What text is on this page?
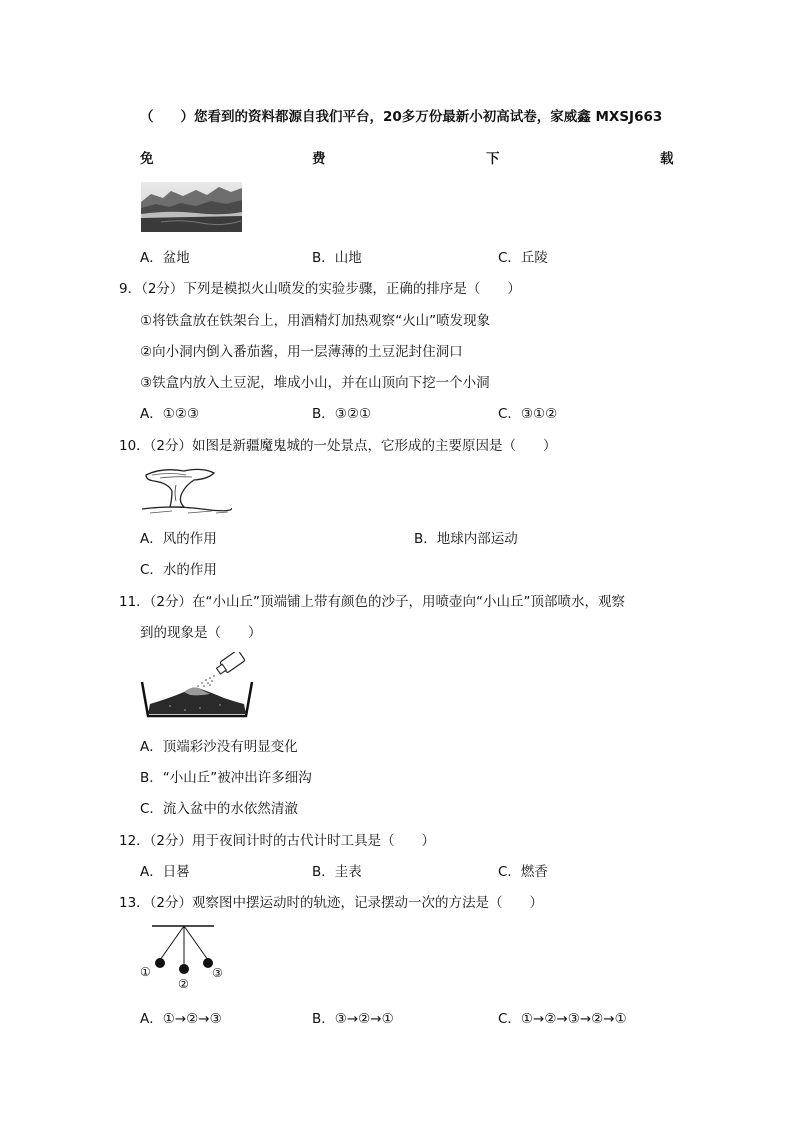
（　　）您看到的资料都源自我们平台，20多万份最新小初高试卷，家威鑫 MXSJ663
免	费	下	载
A．盆地	B．山地	C．丘陵
9．（2分）下列是模拟火山喷发的实验步骤，正确的排序是（　　）
①将铁盒放在铁架台上，用酒精灯加热观察“火山”喷发现象
②向小洞内倒入番茄酱，用一层薄薄的土豆泥封住洞口
③铁盒内放入土豆泥，堆成小山，并在山顶向下挖一个小洞
A．①②③	B．③②①	C．③①②
10．（2分）如图是新疆魔鬼城的一处景点，它形成的主要原因是（　　）
A．风的作用	B．地球内部运动
C．水的作用
11．（2分）在“小山丘”顶端铺上带有颜色的沙子，用喷壶向“小山丘”顶部喷水，观察
到的现象是（　　）
A．顶端彩沙没有明显变化
B．“小山丘”被冲出许多细沟
C．流入盆中的水依然清澈
12．（2分）用于夜间计时的古代计时工具是（　　）
A．日晷	B．圭表	C．燃香
13．（2分）观察图中摆运动时的轨迹，记录摆动一次的方法是（　　）
①
②
③
A．①→②→③	B．③→②→①	C．①→②→③→②→①
